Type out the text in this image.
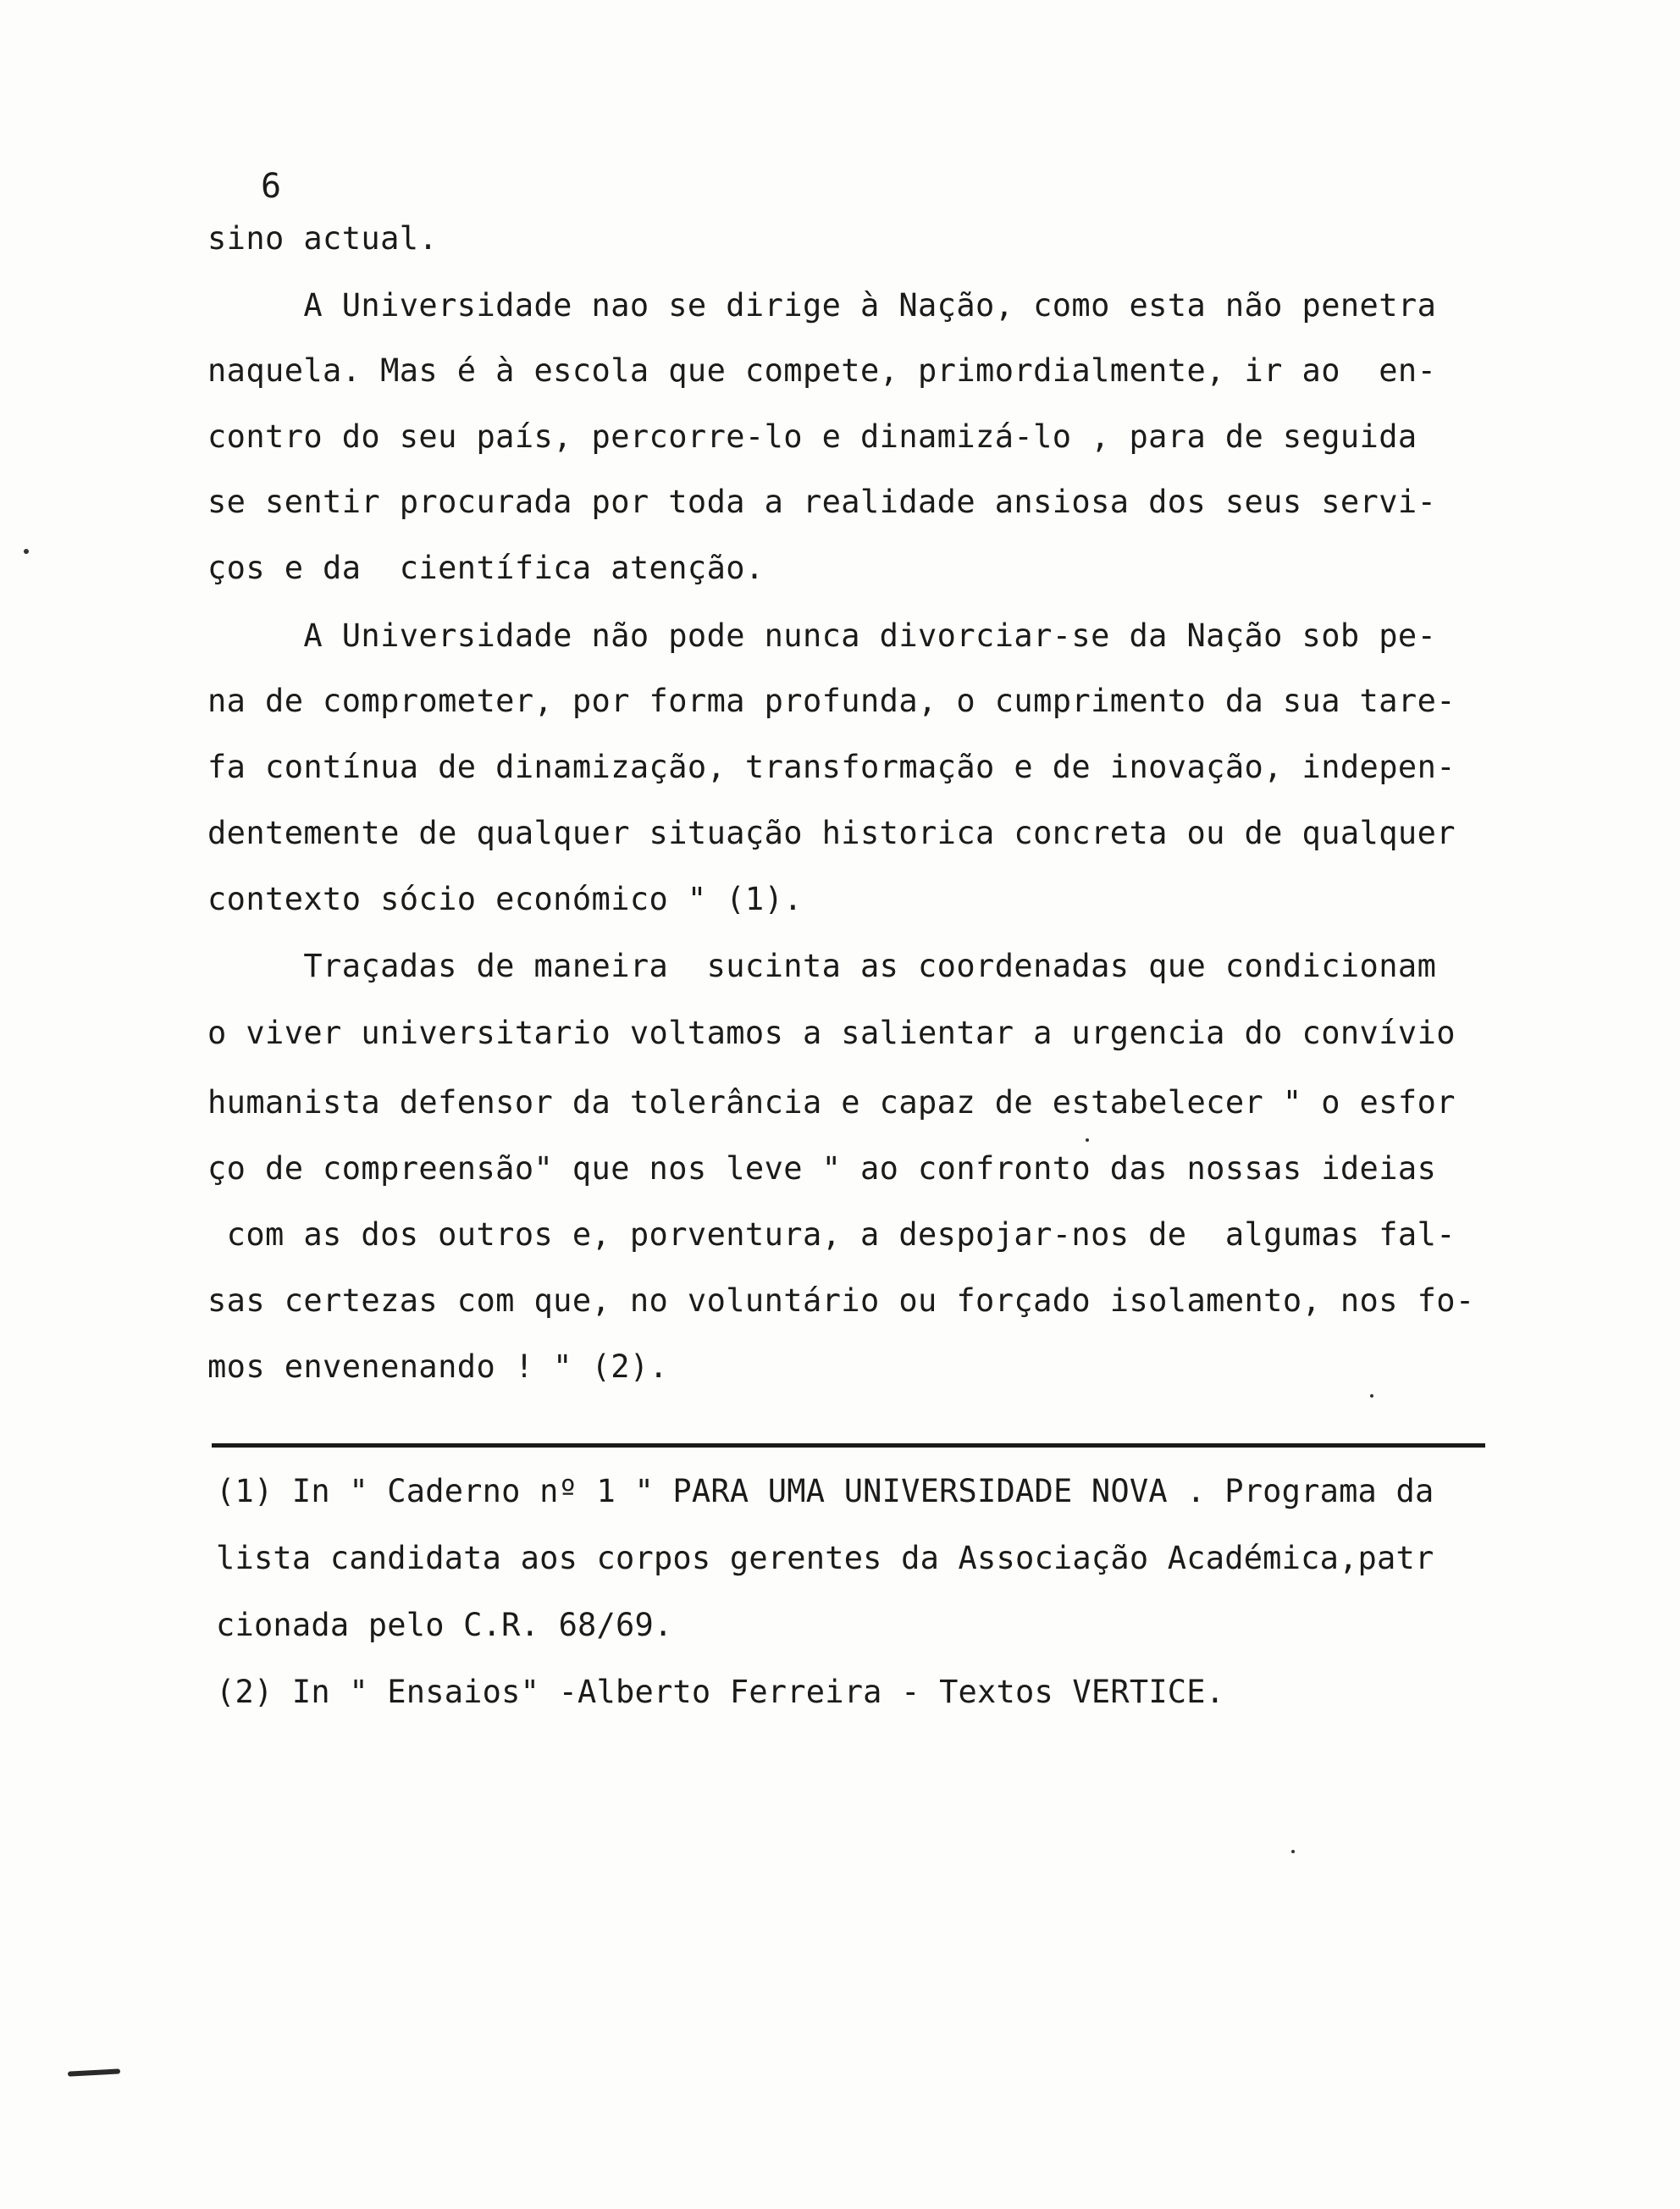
6
sino actual.
A Universidade nao se dirige à Nação, como esta não penetra
naquela. Mas é à escola que compete, primordialmente, ir ao  en-
contro do seu país, percorre-lo e dinamizá-lo , para de seguida
se sentir procurada por toda a realidade ansiosa dos seus servi-
ços e da  científica atenção.
A Universidade não pode nunca divorciar-se da Nação sob pe-
na de comprometer, por forma profunda, o cumprimento da sua tare-
fa contínua de dinamização, transformação e de inovação, indepen-
dentemente de qualquer situação historica concreta ou de qualquer
contexto sócio económico " (1).
Traçadas de maneira  sucinta as coordenadas que condicionam
o viver universitario voltamos a salientar a urgencia do convívio
humanista defensor da tolerância e capaz de estabelecer " o esfor
ço de compreensão" que nos leve " ao confronto das nossas ideias
com as dos outros e, porventura, a despojar-nos de  algumas fal-
sas certezas com que, no voluntário ou forçado isolamento, nos fo-
mos envenenando ! " (2).
(1) In " Caderno nº 1 " PARA UMA UNIVERSIDADE NOVA . Programa da
lista candidata aos corpos gerentes da Associação Académica,patr
cionada pelo C.R. 68/69.
(2) In " Ensaios" -Alberto Ferreira - Textos VERTICE.
